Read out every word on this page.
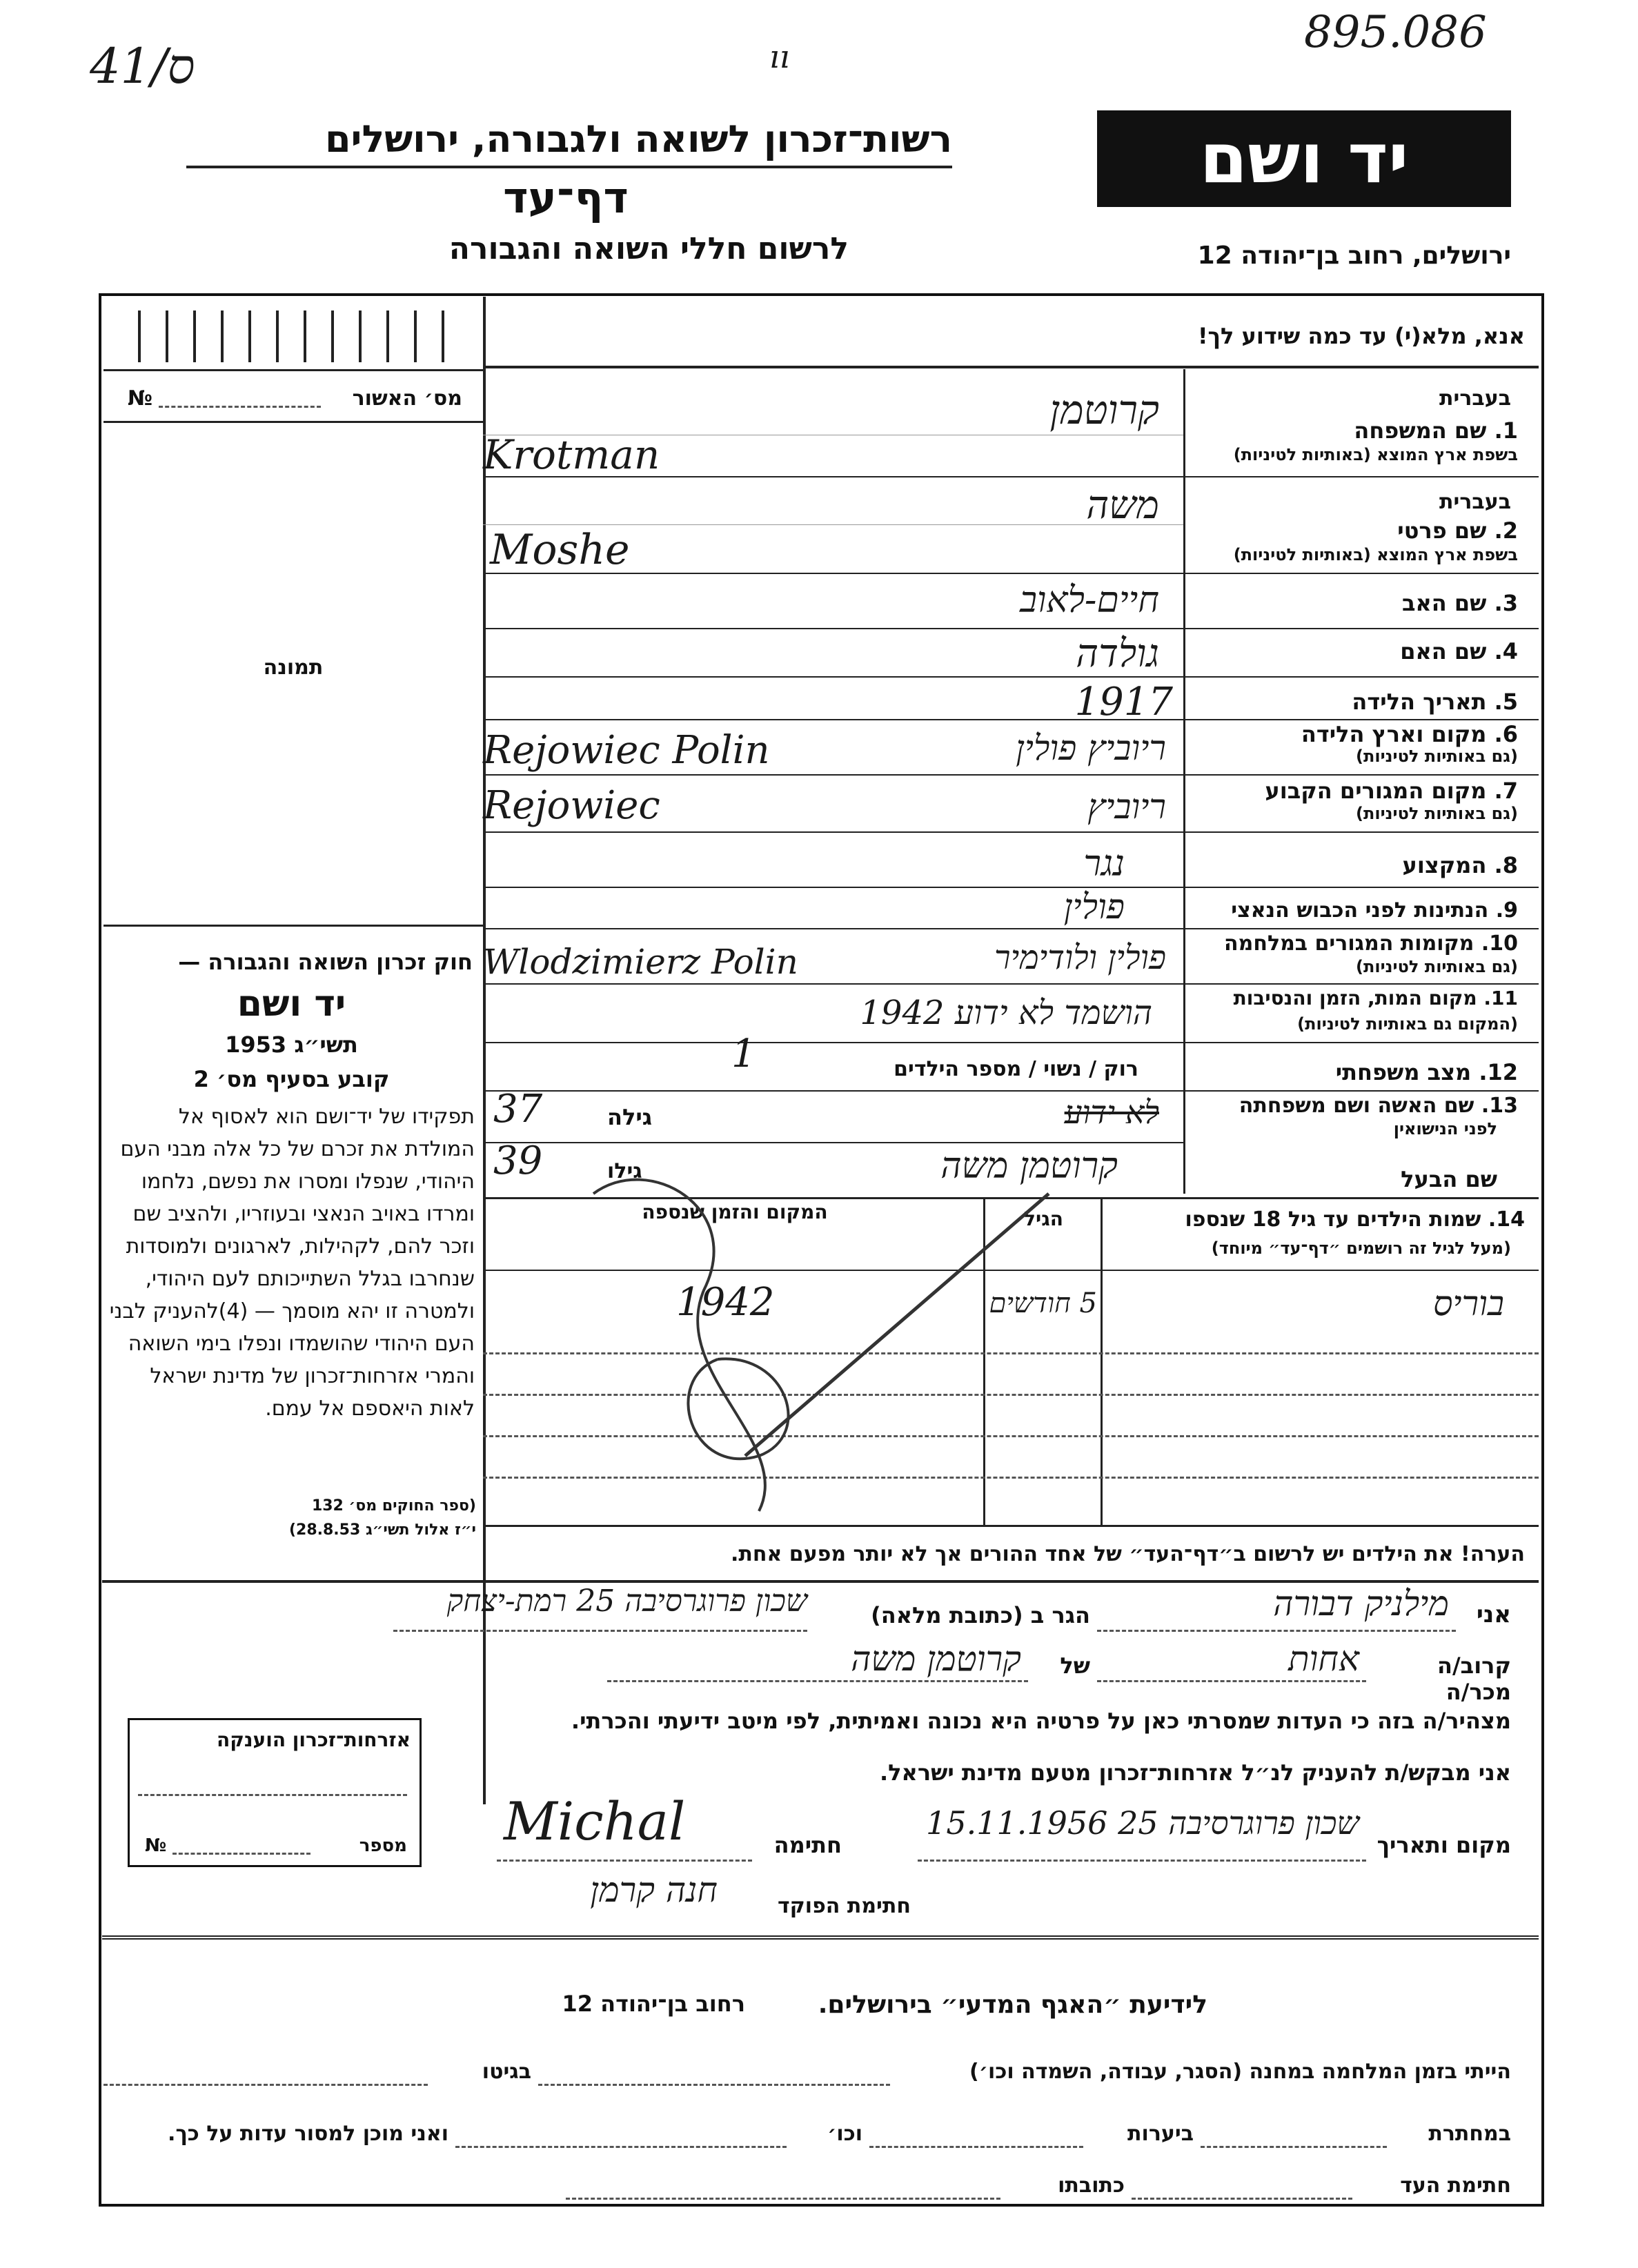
41/ס	ıı	895.086
רשות־זכרון לשואה ולגבורה, ירושלים
דף־עד
לרשום חללי השואה והגבורה
יד ושם
ירושלים, רחוב בן־יהודה 12
מס׳ האשור
№
תמונה
חוק זכרון השואה והגבורה —
יד ושם
תשי״ג 1953
קובע בסעיף מס׳ 2
תפקידו של יד־ושם הוא לאסוף אל המולדת את זכרם של כל אלה מבני העם היהודי, שנפלו ומסרו את נפשם, נלחמו ומרדו באויב הנאצי ובעוזריו, ולהציב שם וזכר להם, לקהילות, לארגונים ולמוסדות שנחרבו בגלל השתייכותם לעם היהודי, ולמטרה זו יהא מוסמך — (4)להעניק לבני העם היהודי שהושמדו ונפלו בימי השואה והמרי אזרחות־זכרון של מדינת ישראל לאות היאספם אל עמם.
(ספר החוקים מס׳ 132
י״ז אלול תשי״ג 28.8.53)
אנא, מלא(י) עד כמה שידוע לך!
בעברית
1. שם המשפחה
בשפת ארץ המוצא (באותיות לטיניות)
בעברית
2. שם פרטי
בשפת ארץ המוצא (באותיות לטיניות)
3. שם האב
4. שם האם
5. תאריך הלידה
6. מקום וארץ הלידה
(גם באותיות לטיניות)
7. מקום המגורים הקבוע
(גם באותיות לטיניות)
8. המקצוע
9. הנתינות לפני הכבוש הנאצי
10. מקומות המגורים במלחמה
(גם באותיות לטיניות)
11. מקום המות, הזמן והנסיבות
(המקום גם באותיות לטיניות)
12. מצב משפחתי
13. שם האשה ושם משפחתה
לפני הנישואין
שם הבעל
קרוטמן
Krotman
משה
Moshe
חיים-לאוב
גולדה
1917
ריוביץ פולין
Rejowiec Polin
ריוביץ
Rejowiec
נגר
פולין
פולין ולודימיר
Wlodzimierz Polin
הושמד לא ידוע 1942
רוק / נשוי / מספר הילדים
1
לא ידוע
גילה
37
קרוטמן משה
גילו
39
14. שמות הילדים עד גיל 18 שנספו
(מעל לגיל זה רושמים ״דף־עד״ מיוחד)
הגיל
המקום והזמן שנספה
בוריס
5 חודשים
1942
הערה! את הילדים יש לרשום ב״דף־העד״ של אחד ההורים אך לא יותר מפעם אחת.
אני
מילניק דבורה
הגר ב (כתובת מלאה)
שכון פרוגרסיבה 25 רמת-יצחק
קרוב/ה מכר/ה
אחות
של
קרוטמן משה
מצהיר/ה בזה כי העדות שמסרתי כאן על פרטיה היא נכונה ואמיתית, לפי מיטב ידיעתי והכרתי.
אני מבקש/ת להעניק לנ״ל אזרחות־זכרון מטעם מדינת ישראל.
מקום ותאריך
שכון פרוגרסיבה 25 15.11.1956
חתימה
Michal
חתימת הפוקד
חנה קרמן
אזרחות־זכרון הוענקה
מספר
№
לידיעת ״האגף המדעי״ בירושלים.
רחוב בן־יהודה 12
הייתי בזמן המלחמה במחנה (הסגר, עבודה, השמדה וכו׳)
בגיטו
במחתרת
ביערות
וכו׳
ואני מוכן למסור עדות על כך.
חתימת העד
כתובתו
